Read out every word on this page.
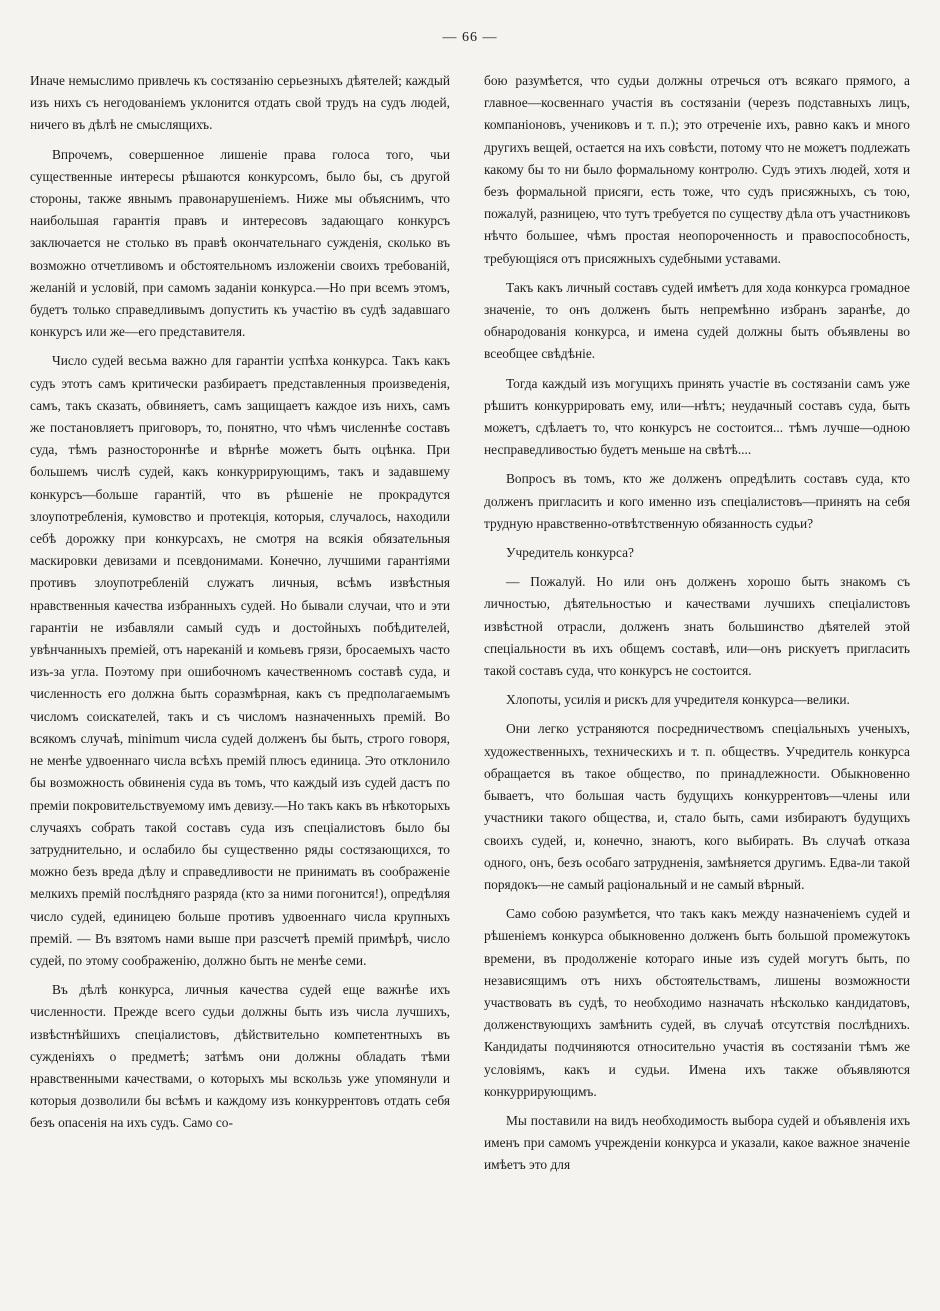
— 66 —

Иначе немыслимо привлечь къ состязанію серьезныхъ дѣятелей; каждый изъ нихъ съ негодованіемъ уклонится отдать свой трудъ на судъ людей, ничего въ дѣлѣ не смыслящихъ.

Впрочемъ, совершенное лишеніе права голоса того, чьи существенные интересы рѣшаются конкурсомъ, было бы, съ другой стороны, также явнымъ правонарушеніемъ. Ниже мы объяснимъ, что наибольшая гарантія правъ и интересовъ задающаго конкурсъ заключается не столько въ правѣ окончательнаго сужденія, сколько въ возможно отчетливомъ и обстоятельномъ изложеніи своихъ требованій, желаній и условій, при самомъ заданіи конкурса.—Но при всемъ этомъ, будетъ только справедливымъ допустить къ участію въ судѣ задавшаго конкурсъ или же—его представителя.

Число судей весьма важно для гарантіи успѣха конкурса. Такъ какъ судъ этотъ самъ критически разбираетъ представленныя произведенія, самъ, такъ сказать, обвиняетъ, самъ защищаетъ каждое изъ нихъ, самъ же постановляетъ приговоръ, то, понятно, что чѣмъ численнѣе составъ суда, тѣмъ разностороннѣе и вѣрнѣе можетъ быть оцѣнка. При большемъ числѣ судей, какъ конкуррирующимъ, такъ и задавшему конкурсъ—больше гарантій, что въ рѣшеніе не прокрадутся злоупотребленія, кумовство и протекція, которыя, случалось, находили себѣ дорожку при конкурсахъ, не смотря на всякія обязательныя маскировки девизами и псевдонимами. Конечно, лучшими гарантіями противъ злоупотребленій служатъ личныя, всѣмъ извѣстныя нравственныя качества избранныхъ судей. Но бывали случаи, что и эти гарантіи не избавляли самый судъ и достойныхъ побѣдителей, увѣнчанныхъ преміей, отъ нареканій и комьевъ грязи, бросаемыхъ часто изъ-за угла. Поэтому при ошибочномъ качественномъ составѣ суда, и численность его должна быть соразмѣрная, какъ съ предполагаемымъ числомъ соискателей, такъ и съ числомъ назначенныхъ премій. Во всякомъ случаѣ, minimum числа судей долженъ бы быть, строго говоря, не менѣе удвоеннаго числа всѣхъ премій плюсъ единица. Это отклонило бы возможность обвиненія суда въ томъ, что каждый изъ судей дастъ по преміи покровительствуемому имъ девизу.—Но такъ какъ въ нѣкоторыхъ случаяхъ собрать такой составъ суда изъ спеціалистовъ было бы затруднительно, и ослабило бы существенно ряды состязающихся, то можно безъ вреда дѣлу и справедливости не принимать въ соображеніе мелкихъ премій послѣдняго разряда (кто за ними погонится!), опредѣляя число судей, единицею больше противъ удвоеннаго числа крупныхъ премій. — Въ взятомъ нами выше при разсчетѣ премій примѣрѣ, число судей, по этому соображенію, должно быть не менѣе семи.

Въ дѣлѣ конкурса, личныя качества судей еще важнѣе ихъ численности. Прежде всего судьи должны быть изъ числа лучшихъ, извѣстнѣйшихъ спеціалистовъ, дѣйствительно компетентныхъ въ сужденіяхъ о предметѣ; затѣмъ они должны обладать тѣми нравственными качествами, о которыхъ мы вскользь уже упомянули и которыя дозволили бы всѣмъ и каждому изъ конкуррентовъ отдать себя безъ опасенія на ихъ судъ. Само со-

бою разумѣется, что судьи должны отречься отъ всякаго прямого, а главное—косвеннаго участія въ состязаніи (черезъ подставныхъ лицъ, компаніоновъ, учениковъ и т. п.); это отреченіе ихъ, равно какъ и много другихъ вещей, остается на ихъ совѣсти, потому что не можетъ подлежать какому бы то ни было формальному контролю. Судъ этихъ людей, хотя и безъ формальной присяги, есть тоже, что судъ присяжныхъ, съ тою, пожалуй, разницею, что тутъ требуется по существу дѣла отъ участниковъ нѣчто большее, чѣмъ простая неопороченность и правоспособность, требующіяся отъ присяжныхъ судебными уставами.

Такъ какъ личный составъ судей имѣетъ для хода конкурса громадное значеніе, то онъ долженъ быть непремѣнно избранъ заранѣе, до обнародованія конкурса, и имена судей должны быть объявлены во всеобщее свѣдѣніе.

Тогда каждый изъ могущихъ принять участіе въ состязаніи самъ уже рѣшитъ конкуррировать ему, или—нѣтъ; неудачный составъ суда, быть можетъ, сдѣлаетъ то, что конкурсъ не состоится... тѣмъ лучше—одною несправедливостью будетъ меньше на свѣтѣ....

Вопросъ въ томъ, кто же долженъ опредѣлить составъ суда, кто долженъ пригласить и кого именно изъ спеціалистовъ—принять на себя трудную нравственно-отвѣтственную обязанность судьи?

Учредитель конкурса?

— Пожалуй. Но или онъ долженъ хорошо быть знакомъ съ личностью, дѣятельностью и качествами лучшихъ спеціалистовъ извѣстной отрасли, долженъ знать большинство дѣятелей этой спеціальности въ ихъ общемъ составѣ, или—онъ рискуетъ пригласить такой составъ суда, что конкурсъ не состоится.

Хлопоты, усилія и рискъ для учредителя конкурса—велики.

Они легко устраняются посредничествомъ спеціальныхъ ученыхъ, художественныхъ, техническихъ и т. п. обществъ. Учредитель конкурса обращается въ такое общество, по принадлежности. Обыкновенно бываетъ, что большая часть будущихъ конкуррентовъ—члены или участники такого общества, и, стало быть, сами избираютъ будущихъ своихъ судей, и, конечно, знаютъ, кого выбирать. Въ случаѣ отказа одного, онъ, безъ особаго затрудненія, замѣняется другимъ. Едва-ли такой порядокъ—не самый раціональный и не самый вѣрный.

Само собою разумѣется, что такъ какъ между назначеніемъ судей и рѣшеніемъ конкурса обыкновенно долженъ быть большой промежутокъ времени, въ продолженіе котораго иные изъ судей могутъ быть, по независящимъ отъ нихъ обстоятельствамъ, лишены возможности участвовать въ судѣ, то необходимо назначать нѣсколько кандидатовъ, долженствующихъ замѣнить судей, въ случаѣ отсутствія послѣднихъ. Кандидаты подчиняются относительно участія въ состязаніи тѣмъ же условіямъ, какъ и судьи. Имена ихъ также объявляются конкуррирующимъ.

Мы поставили на видъ необходимость выбора судей и объявленія ихъ именъ при самомъ учрежденіи конкурса и указали, какое важное значеніе имѣетъ это для
